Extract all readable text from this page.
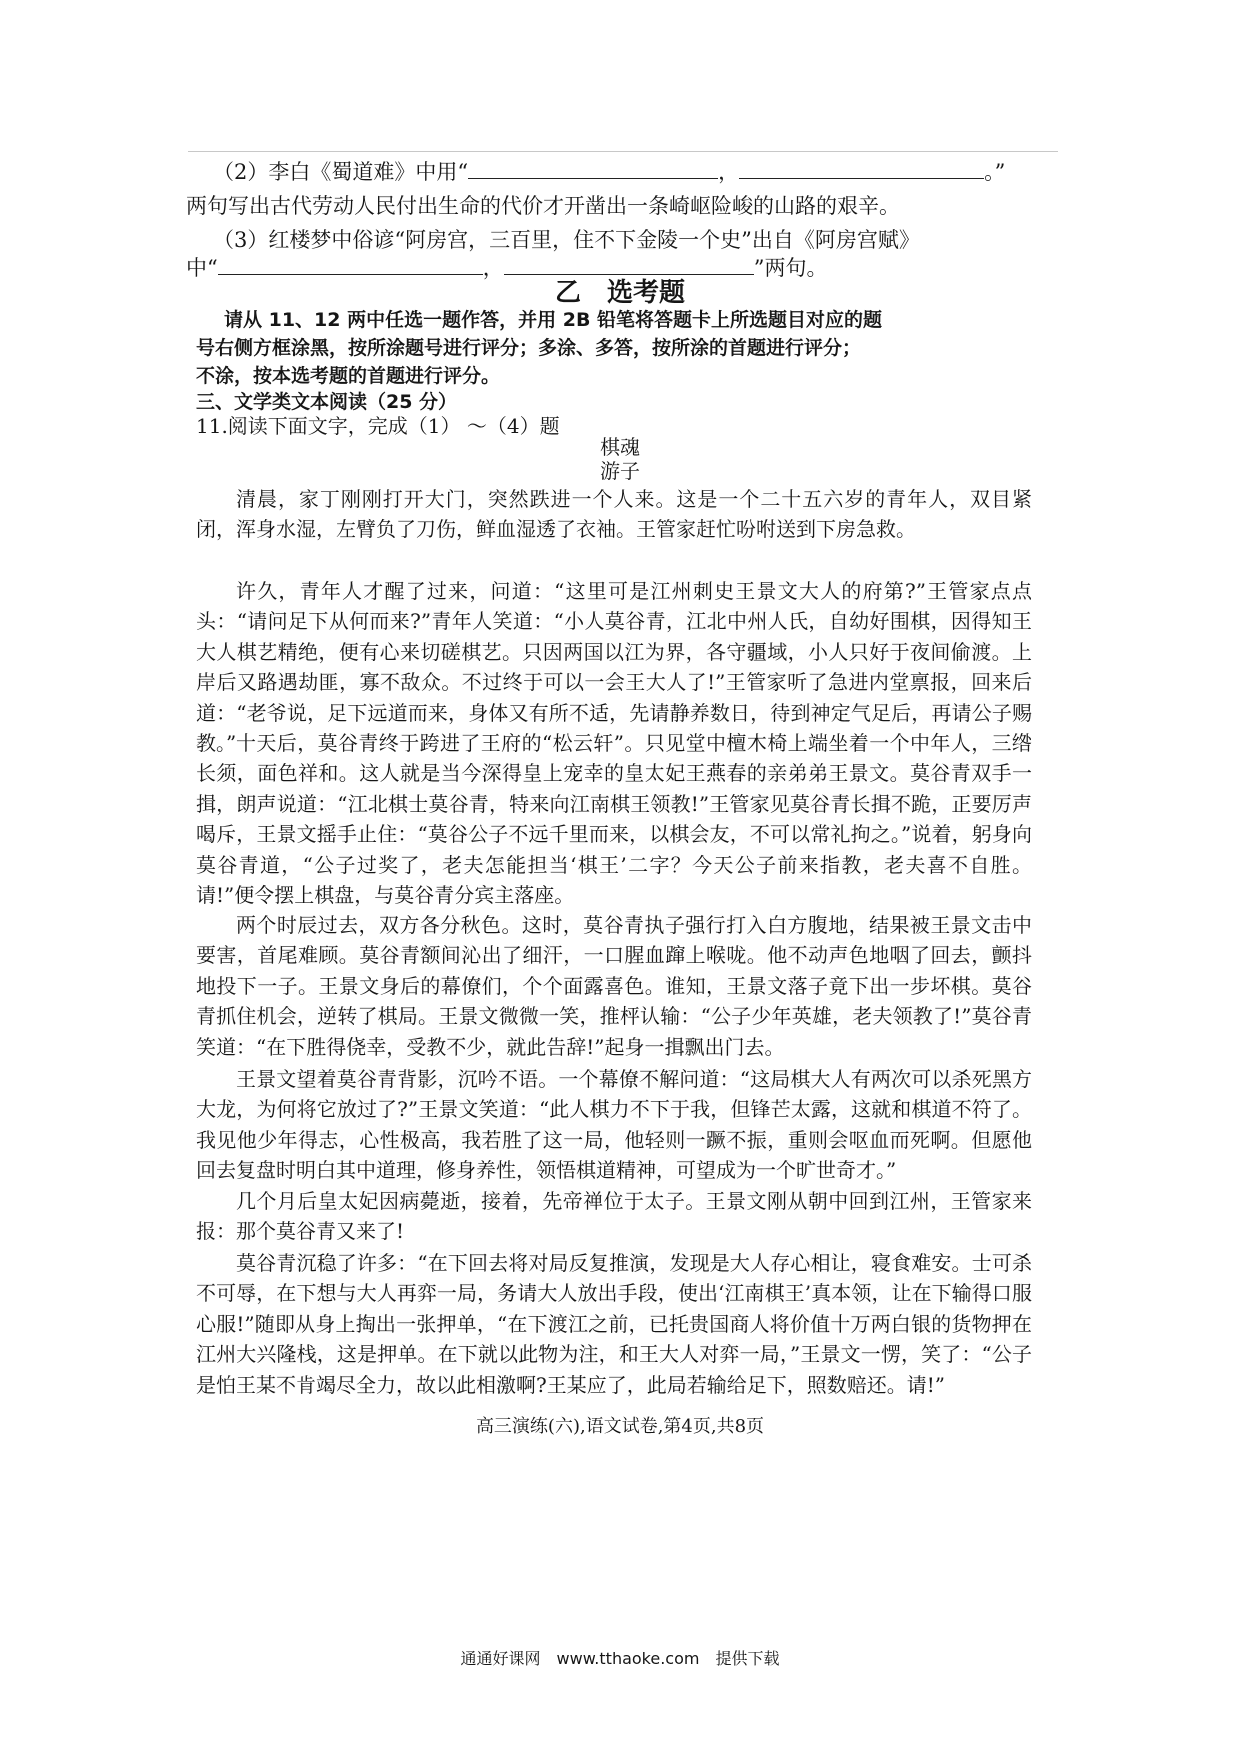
（2）李白《蜀道难》中用“	，	。”
两句写出古代劳动人民付出生命的代价才开凿出一条崎岖险峻的山路的艰辛。
（3）红楼梦中俗谚“阿房宫，三百里，住不下金陵一个史”出自《阿房宫赋》
中“	，	”两句。
乙　选考题
请从 11、12 两中任选一题作答，并用 2B 铅笔将答题卡上所选题目对应的题
号右侧方框涂黑，按所涂题号进行评分；多涂、多答，按所涂的首题进行评分；
不涂，按本选考题的首题进行评分。
三、文学类文本阅读（25 分）
11.阅读下面文字，完成（1） ～（4）题
棋魂
游子
清晨，家丁刚刚打开大门，突然跌进一个人来。这是一个二十五六岁的青年人，双目紧闭，浑身水湿，左臂负了刀伤，鲜血湿透了衣袖。王管家赶忙吩咐送到下房急救。
许久，青年人才醒了过来，问道：“这里可是江州刺史王景文大人的府第?”王管家点点头：“请问足下从何而来?”青年人笑道：“小人莫谷青，江北中州人氏，自幼好围棋，因得知王大人棋艺精绝，便有心来切磋棋艺。只因两国以江为界，各守疆域，小人只好于夜间偷渡。上岸后又路遇劫匪，寡不敌众。不过终于可以一会王大人了!”王管家听了急进内堂禀报，回来后道：“老爷说，足下远道而来，身体又有所不适，先请静养数日，待到神定气足后，再请公子赐教。” 十天后，莫谷青终于跨进了王府的“松云轩”。只见堂中檀木椅上端坐着一个中年人，三绺长须，面色祥和。这人就是当今深得皇上宠幸的皇太妃王燕春的亲弟弟王景文。莫谷青双手一揖，朗声说道：“江北棋士莫谷青，特来向江南棋王领教!”王管家见莫谷青长揖不跪，正要厉声喝斥，王景文摇手止住：“莫谷公子不远千里而来，以棋会友，不可以常礼拘之。”说着，躬身向莫谷青道，“公子过奖了，老夫怎能担当‘棋王’二字？今天公子前来指教，老夫喜不自胜。请!”便令摆上棋盘，与莫谷青分宾主落座。
两个时辰过去，双方各分秋色。这时，莫谷青执子强行打入白方腹地，结果被王景文击中要害，首尾难顾。莫谷青额间沁出了细汗，一口腥血蹿上喉咙。他不动声色地咽了回去，颤抖地投下一子。王景文身后的幕僚们，个个面露喜色。谁知，王景文落子竟下出一步坏棋。莫谷青抓住机会，逆转了棋局。王景文微微一笑，推枰认输：“公子少年英雄，老夫领教了!”莫谷青笑道：“在下胜得侥幸，受教不少，就此告辞!”起身一揖飘出门去。
王景文望着莫谷青背影，沉吟不语。一个幕僚不解问道：“这局棋大人有两次可以杀死黑方大龙，为何将它放过了?”王景文笑道：“此人棋力不下于我，但锋芒太露，这就和棋道不符了。我见他少年得志，心性极高，我若胜了这一局，他轻则一蹶不振，重则会呕血而死啊。但愿他回去复盘时明白其中道理，修身养性，领悟棋道精神，可望成为一个旷世奇才。”
几个月后皇太妃因病薨逝，接着，先帝禅位于太子。王景文刚从朝中回到江州，王管家来报：那个莫谷青又来了!
莫谷青沉稳了许多：“在下回去将对局反复推演，发现是大人存心相让，寝食难安。士可杀不可辱，在下想与大人再弈一局，务请大人放出手段，使出‘江南棋王’真本领，让在下输得口服心服!”随即从身上掏出一张押单，“在下渡江之前，已托贵国商人将价值十万两白银的货物押在江州大兴隆栈，这是押单。在下就以此物为注，和王大人对弈一局，”王景文一愣，笑了：“公子是怕王某不肯竭尽全力，故以此相激啊?王某应了，此局若输给足下，照数赔还。请!”
高三演练(六),语文试卷,第4页,共8页
通通好课网　www.tthaoke.com　提供下载
